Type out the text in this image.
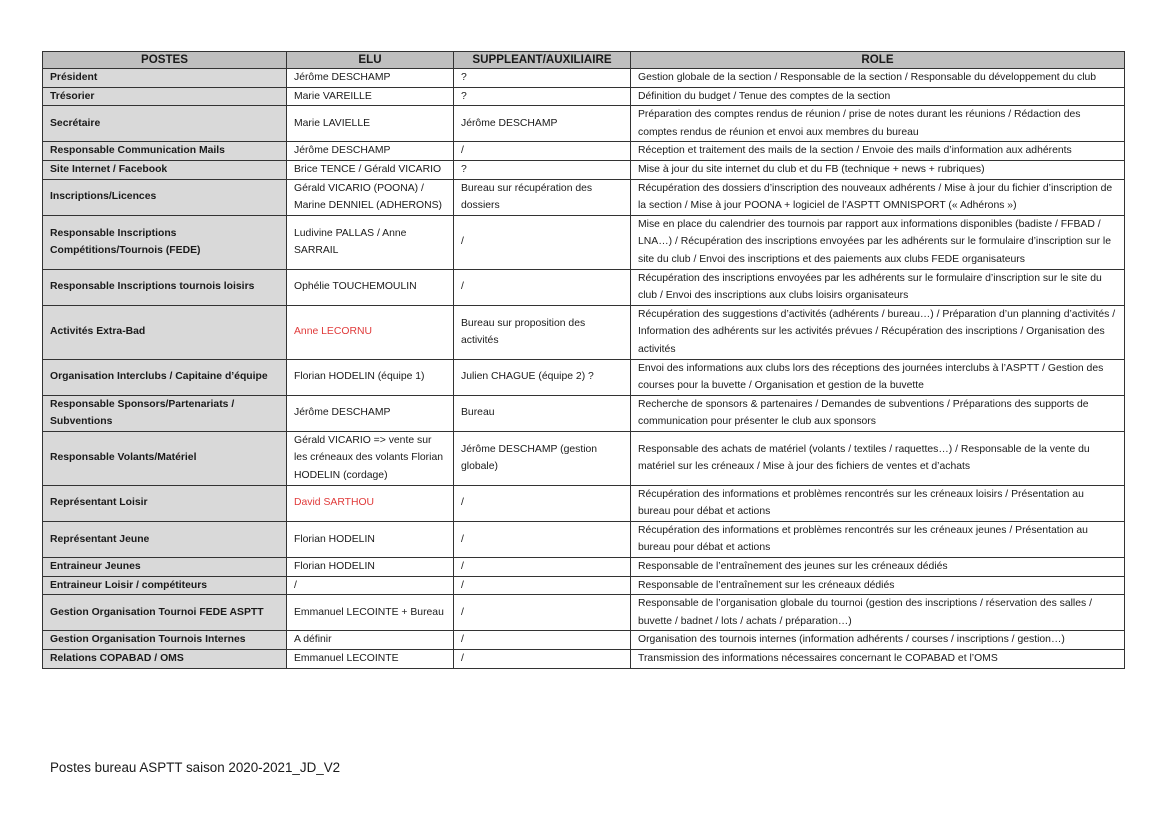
POSTES	ELU	SUPPLEANT/AUXILIAIRE	ROLE
Président	Jérôme DESCHAMP	?	Gestion globale de la section / Responsable de la section / Responsable du développement du club
Trésorier	Marie VAREILLE	?	Définition du budget / Tenue des comptes de la section
Secrétaire	Marie LAVIELLE	Jérôme DESCHAMP	Préparation des comptes rendus de réunion / prise de notes durant les réunions / Rédaction des comptes rendus de réunion et envoi aux membres du bureau
Responsable Communication Mails	Jérôme DESCHAMP	/	Réception et traitement des mails de la section / Envoie des mails d’information aux adhérents
Site Internet / Facebook	Brice TENCE / Gérald VICARIO	?	Mise à jour du site internet du club et du FB (technique + news + rubriques)
Inscriptions/Licences	Gérald VICARIO (POONA) / Marine DENNIEL (ADHERONS)	Bureau sur récupération des dossiers	Récupération des dossiers d’inscription des nouveaux adhérents / Mise à jour du fichier d’inscription de la section / Mise à jour POONA + logiciel de l’ASPTT OMNISPORT (« Adhérons »)
Responsable Inscriptions Compétitions/Tournois (FEDE)	Ludivine PALLAS / Anne SARRAIL	/	Mise en place du calendrier des tournois par rapport aux informations disponibles (badiste / FFBAD / LNA…) / Récupération des inscriptions envoyées par les adhérents sur le formulaire d’inscription sur le site du club / Envoi des inscriptions et des paiements aux clubs FEDE organisateurs
Responsable Inscriptions tournois loisirs	Ophélie TOUCHEMOULIN	/	Récupération des inscriptions envoyées par les adhérents sur le formulaire d’inscription sur le site du club / Envoi des inscriptions aux clubs loisirs organisateurs
Activités Extra-Bad	Anne LECORNU	Bureau sur proposition des activités	Récupération des suggestions d’activités (adhérents / bureau…) / Préparation d’un planning d’activités / Information des adhérents sur les activités prévues / Récupération des inscriptions / Organisation des activités
Organisation Interclubs / Capitaine d’équipe	Florian HODELIN (équipe 1)	Julien CHAGUE (équipe 2) ?	Envoi des informations aux clubs lors des réceptions des journées interclubs à l’ASPTT / Gestion des courses pour la buvette / Organisation et gestion de la buvette
Responsable Sponsors/Partenariats / Subventions	Jérôme DESCHAMP	Bureau	Recherche de sponsors & partenaires / Demandes de subventions / Préparations des supports de communication pour présenter le club aux sponsors
Responsable Volants/Matériel	Gérald VICARIO => vente sur les créneaux des volants Florian HODELIN (cordage)	Jérôme DESCHAMP (gestion globale)	Responsable des achats de matériel (volants / textiles / raquettes…) / Responsable de la vente du matériel sur les créneaux / Mise à jour des fichiers de ventes et d’achats
Représentant Loisir	David SARTHOU	/	Récupération des informations et problèmes rencontrés sur les créneaux loisirs / Présentation au bureau pour débat et actions
Représentant Jeune	Florian HODELIN	/	Récupération des informations et problèmes rencontrés sur les créneaux jeunes / Présentation au bureau pour débat et actions
Entraineur Jeunes	Florian HODELIN	/	Responsable de l’entraînement des jeunes sur les créneaux dédiés
Entraineur Loisir / compétiteurs	/	/	Responsable de l’entraînement sur les créneaux dédiés
Gestion Organisation Tournoi FEDE ASPTT	Emmanuel LECOINTE + Bureau	/	Responsable de l’organisation globale du tournoi (gestion des inscriptions / réservation des salles / buvette / badnet / lots / achats / préparation…)
Gestion Organisation Tournois Internes	A définir	/	Organisation des tournois internes (information adhérents / courses / inscriptions / gestion…)
Relations COPABAD / OMS	Emmanuel LECOINTE	/	Transmission des informations nécessaires concernant le COPABAD et l’OMS
Postes bureau ASPTT saison 2020-2021_JD_V2
